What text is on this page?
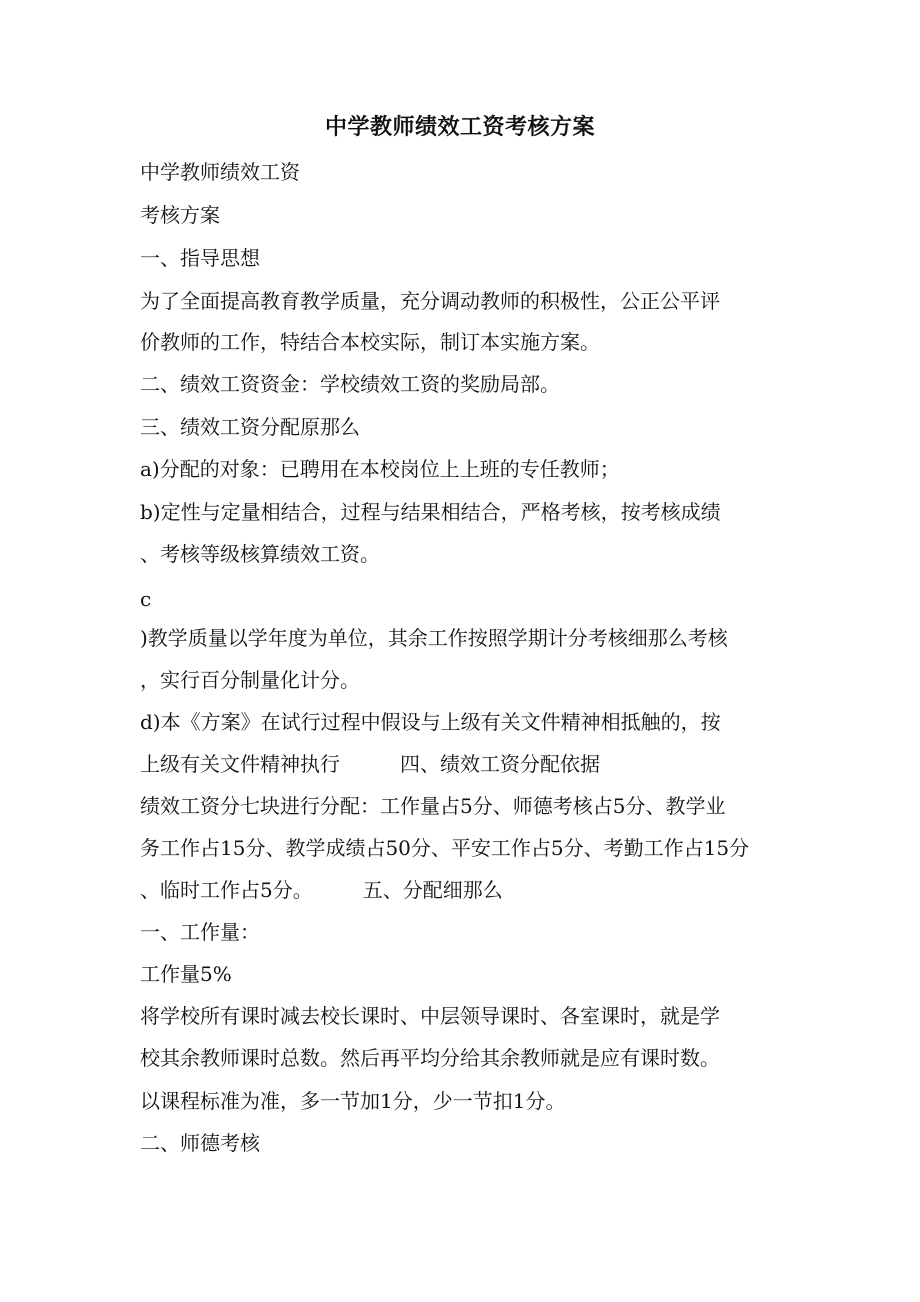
中学教师绩效工资考核方案
中学教师绩效工资
考核方案
一、指导思想
为了全面提高教育教学质量，充分调动教师的积极性，公正公平评
价教师的工作，特结合本校实际，制订本实施方案。
二、绩效工资资金：学校绩效工资的奖励局部。
三、绩效工资分配原那么
a)分配的对象：已聘用在本校岗位上上班的专任教师；
b)定性与定量相结合，过程与结果相结合，严格考核，按考核成绩
、考核等级核算绩效工资。
c
)教学质量以学年度为单位，其余工作按照学期计分考核细那么考核
，实行百分制量化计分。
d)本《方案》在试行过程中假设与上级有关文件精神相抵触的，按
上级有关文件精神执行　　　四、绩效工资分配依据
绩效工资分七块进行分配：工作量占5分、师德考核占5分、教学业
务工作占15分、教学成绩占50分、平安工作占5分、考勤工作占15分
、临时工作占5分。　　　五、分配细那么
一、工作量：
工作量5%
将学校所有课时减去校长课时、中层领导课时、各室课时，就是学
校其余教师课时总数。然后再平均分给其余教师就是应有课时数。
以课程标准为准，多一节加1分，少一节扣1分。
二、师德考核
